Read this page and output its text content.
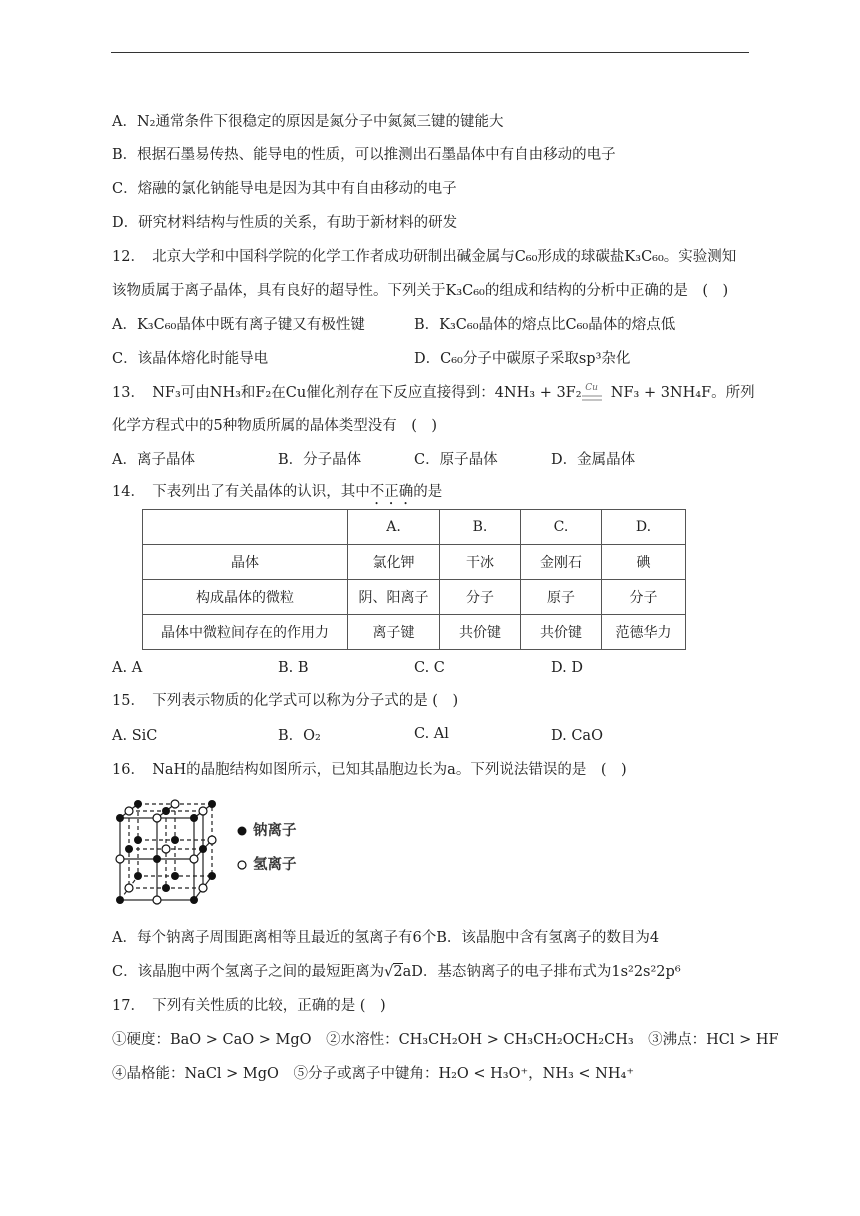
A．N₂通常条件下很稳定的原因是氮分子中氮氮三键的键能大
B．根据石墨易传热、能导电的性质，可以推测出石墨晶体中有自由移动的电子
C．熔融的氯化钠能导电是因为其中有自由移动的电子
D．研究材料结构与性质的关系，有助于新材料的研发
12．　北京大学和中国科学院的化学工作者成功研制出碱金属与C₆₀形成的球碳盐K₃C₆₀。实验测知
该物质属于离子晶体，具有良好的超导性。下列关于K₃C₆₀的组成和结构的分析中正确的是　(　)
A．K₃C₆₀晶体中既有离子键又有极性键	B．K₃C₆₀晶体的熔点比C₆₀晶体的熔点低
C．该晶体熔化时能导电	D．C₆₀分子中碳原子采取sp³杂化
13．　NF₃可由NH₃和F₂在Cu催化剂存在下反应直接得到：4NH₃ + 3F₂ $^{Cu}$ NF₃ + 3NH₄F。所列
化学方程式中的5种物质所属的晶体类型没有　(　)
A．离子晶体	B．分子晶体	C．原子晶体	D．金属晶体
14．　下表列出了有关晶体的认识，其中不正确的是
	A.	B.	C.	D.
晶体	氯化钾	干冰	金刚石	碘
构成晶体的微粒	阴、阳离子	分子	原子	分子
晶体中微粒间存在的作用力	离子键	共价键	共价键	范德华力
A. A	B. B	C. C	D. D
15．　下列表示物质的化学式可以称为分子式的是 (　)
A. SiC	B．O₂	C. Al	D. CaO
16．　NaH的晶胞结构如图所示，已知其晶胞边长为a。下列说法错误的是　(　)
钠离子
氢离子
A．每个钠离子周围距离相等且最近的氢离子有6个B．该晶胞中含有氢离子的数目为4
C．该晶胞中两个氢离子之间的最短距离为√2aD．基态钠离子的电子排布式为1s²2s²2p⁶
17．　下列有关性质的比较，正确的是 (　)
①硬度：BaO > CaO > MgO　②水溶性：CH₃CH₂OH > CH₃CH₂OCH₂CH₃　③沸点：HCl > HF
④晶格能：NaCl > MgO　⑤分子或离子中键角：H₂O < H₃O⁺，NH₃ < NH₄⁺
